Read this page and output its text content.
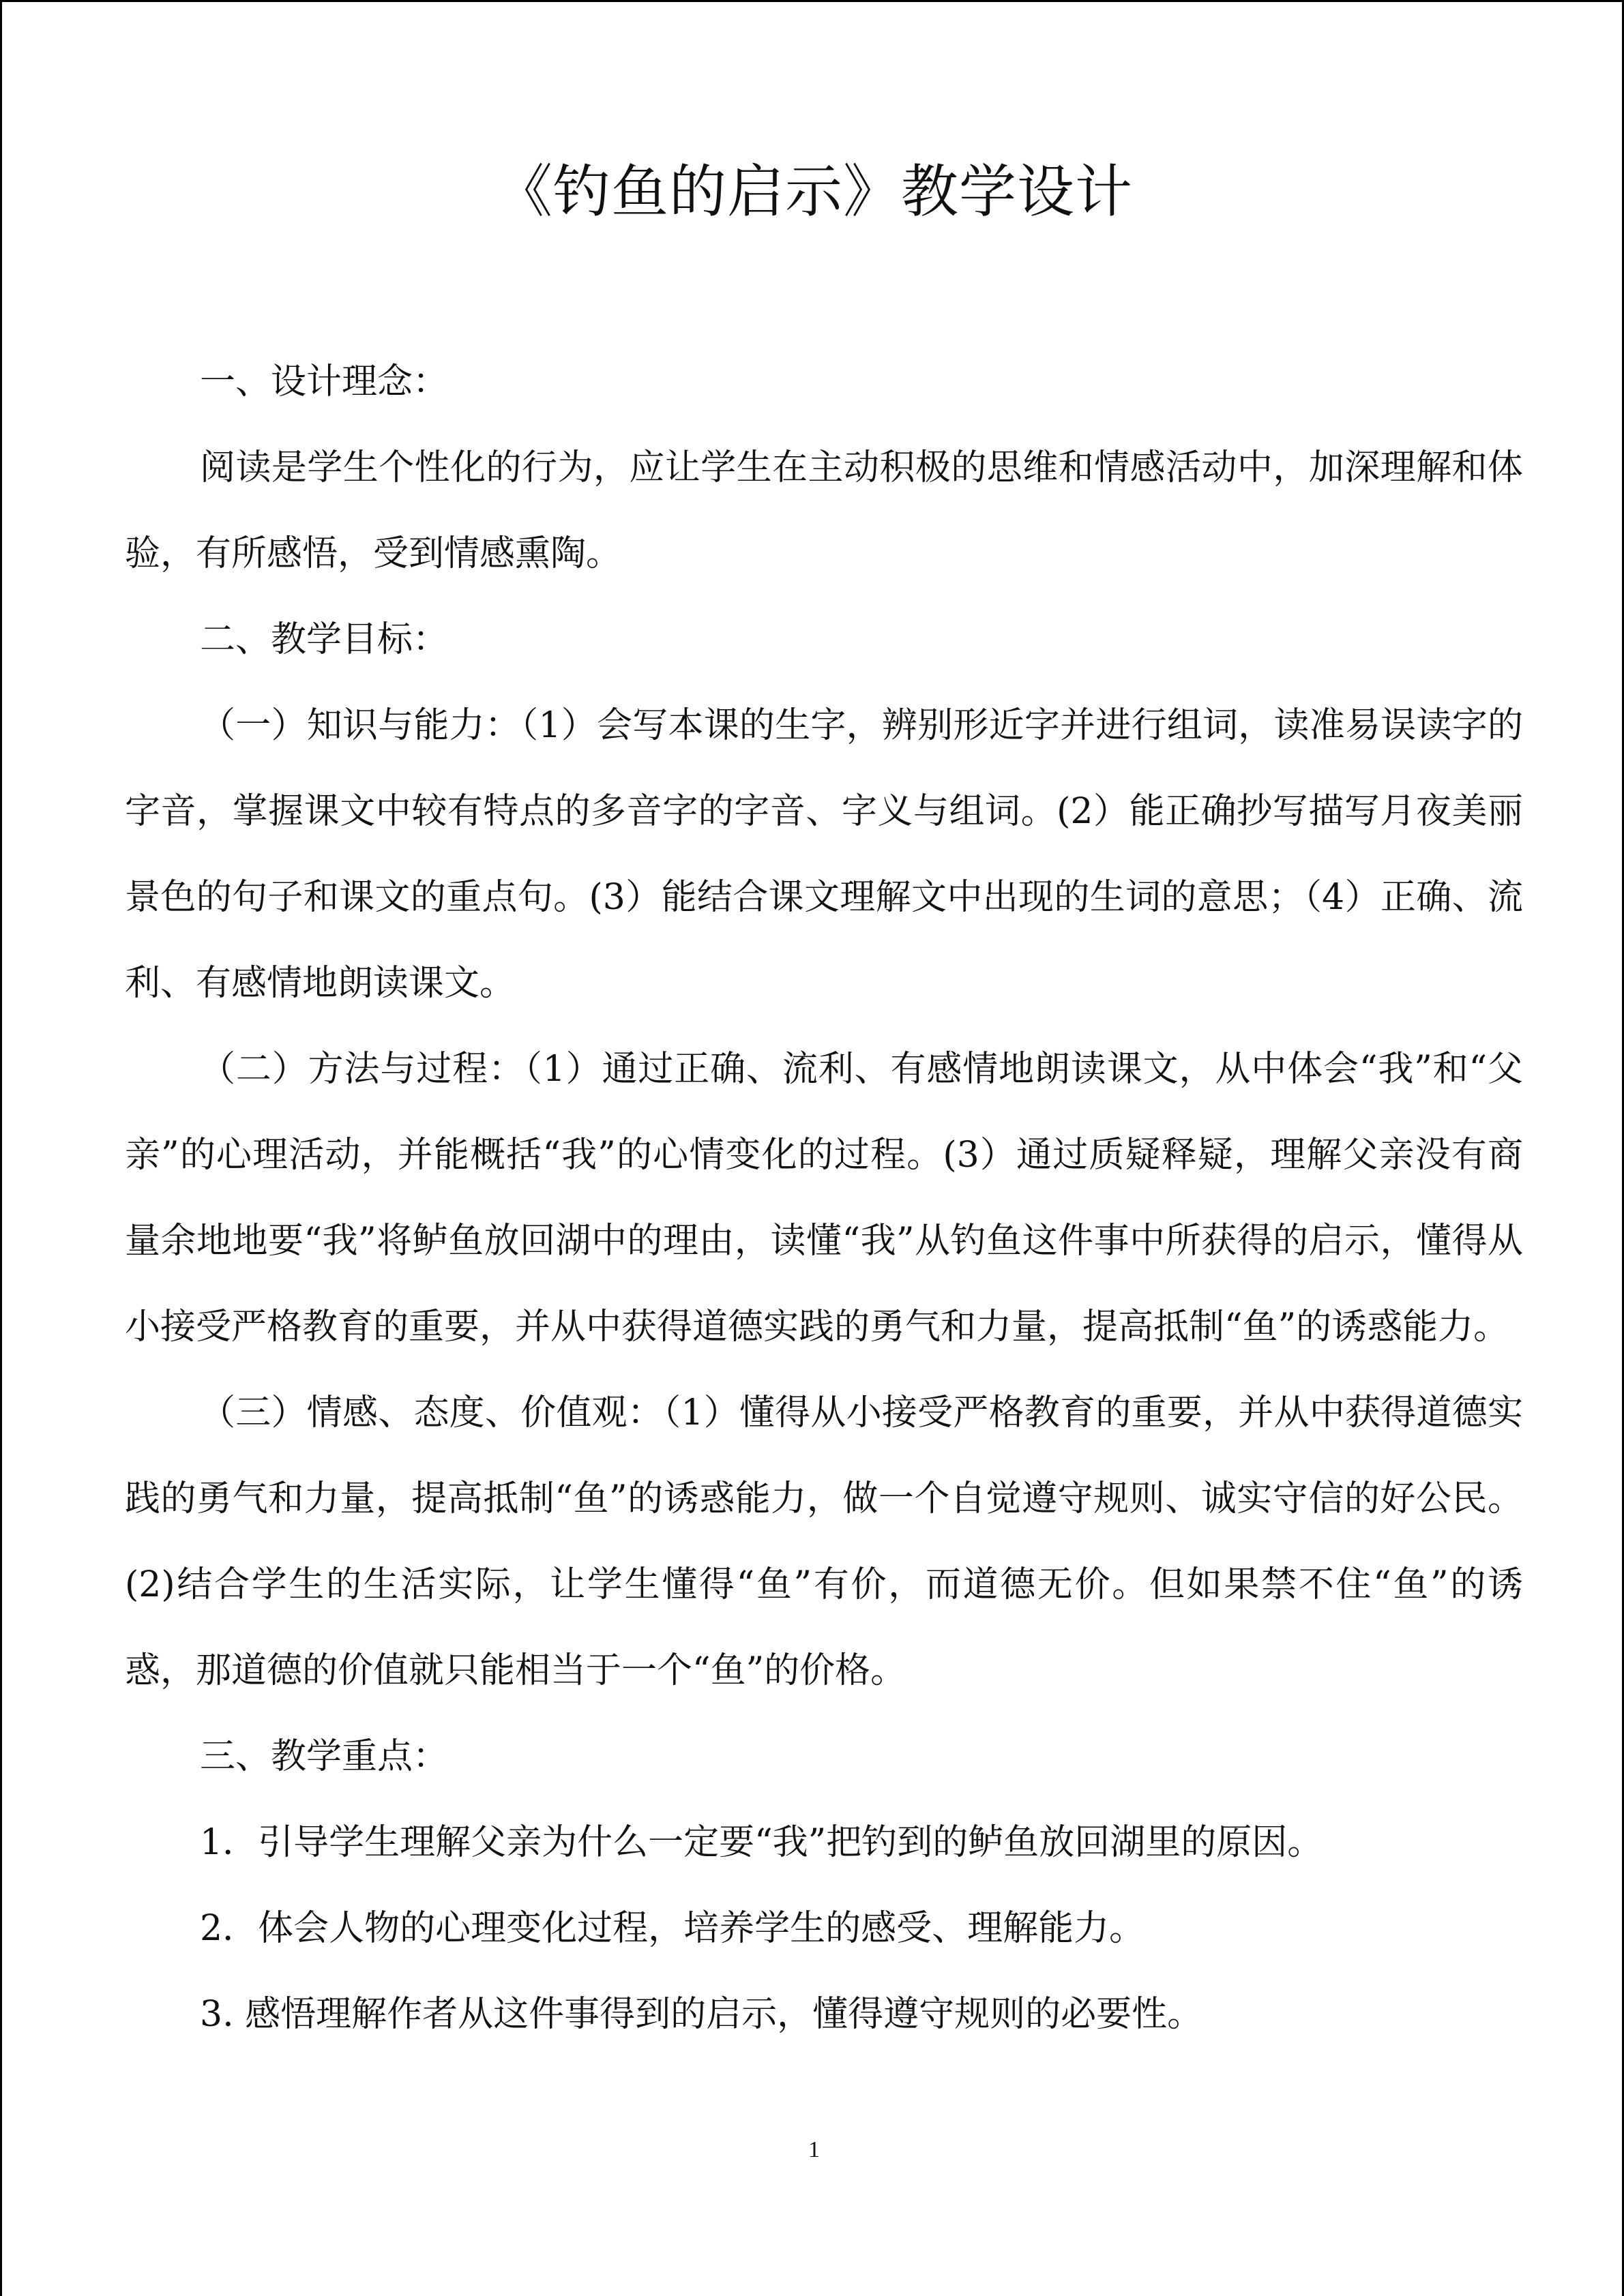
《钓鱼的启示》教学设计

一、设计理念：

阅读是学生个性化的行为，应让学生在主动积极的思维和情感活动中，加深理解和体验，有所感悟，受到情感熏陶。

二、教学目标：

（一）知识与能力：（1）会写本课的生字，辨别形近字并进行组词，读准易误读字的字音，掌握课文中较有特点的多音字的字音、字义与组词。(2）能正确抄写描写月夜美丽景色的句子和课文的重点句。(3）能结合课文理解文中出现的生词的意思；（4）正确、流利、有感情地朗读课文。

（二）方法与过程：（1）通过正确、流利、有感情地朗读课文，从中体会“我”和“父亲”的心理活动，并能概括“我”的心情变化的过程。(3）通过质疑释疑，理解父亲没有商量余地地要“我”将鲈鱼放回湖中的理由，读懂“我”从钓鱼这件事中所获得的启示，懂得从小接受严格教育的重要，并从中获得道德实践的勇气和力量，提高抵制“鱼”的诱惑能力。

（三）情感、态度、价值观：（1）懂得从小接受严格教育的重要，并从中获得道德实践的勇气和力量，提高抵制“鱼”的诱惑能力，做一个自觉遵守规则、诚实守信的好公民。(2)结合学生的生活实际，让学生懂得“鱼”有价，而道德无价。但如果禁不住“鱼”的诱惑，那道德的价值就只能相当于一个“鱼”的价格。

三、教学重点：

1．引导学生理解父亲为什么一定要“我”把钓到的鲈鱼放回湖里的原因。

2．体会人物的心理变化过程，培养学生的感受、理解能力。

3. 感悟理解作者从这件事得到的启示，懂得遵守规则的必要性。

1
